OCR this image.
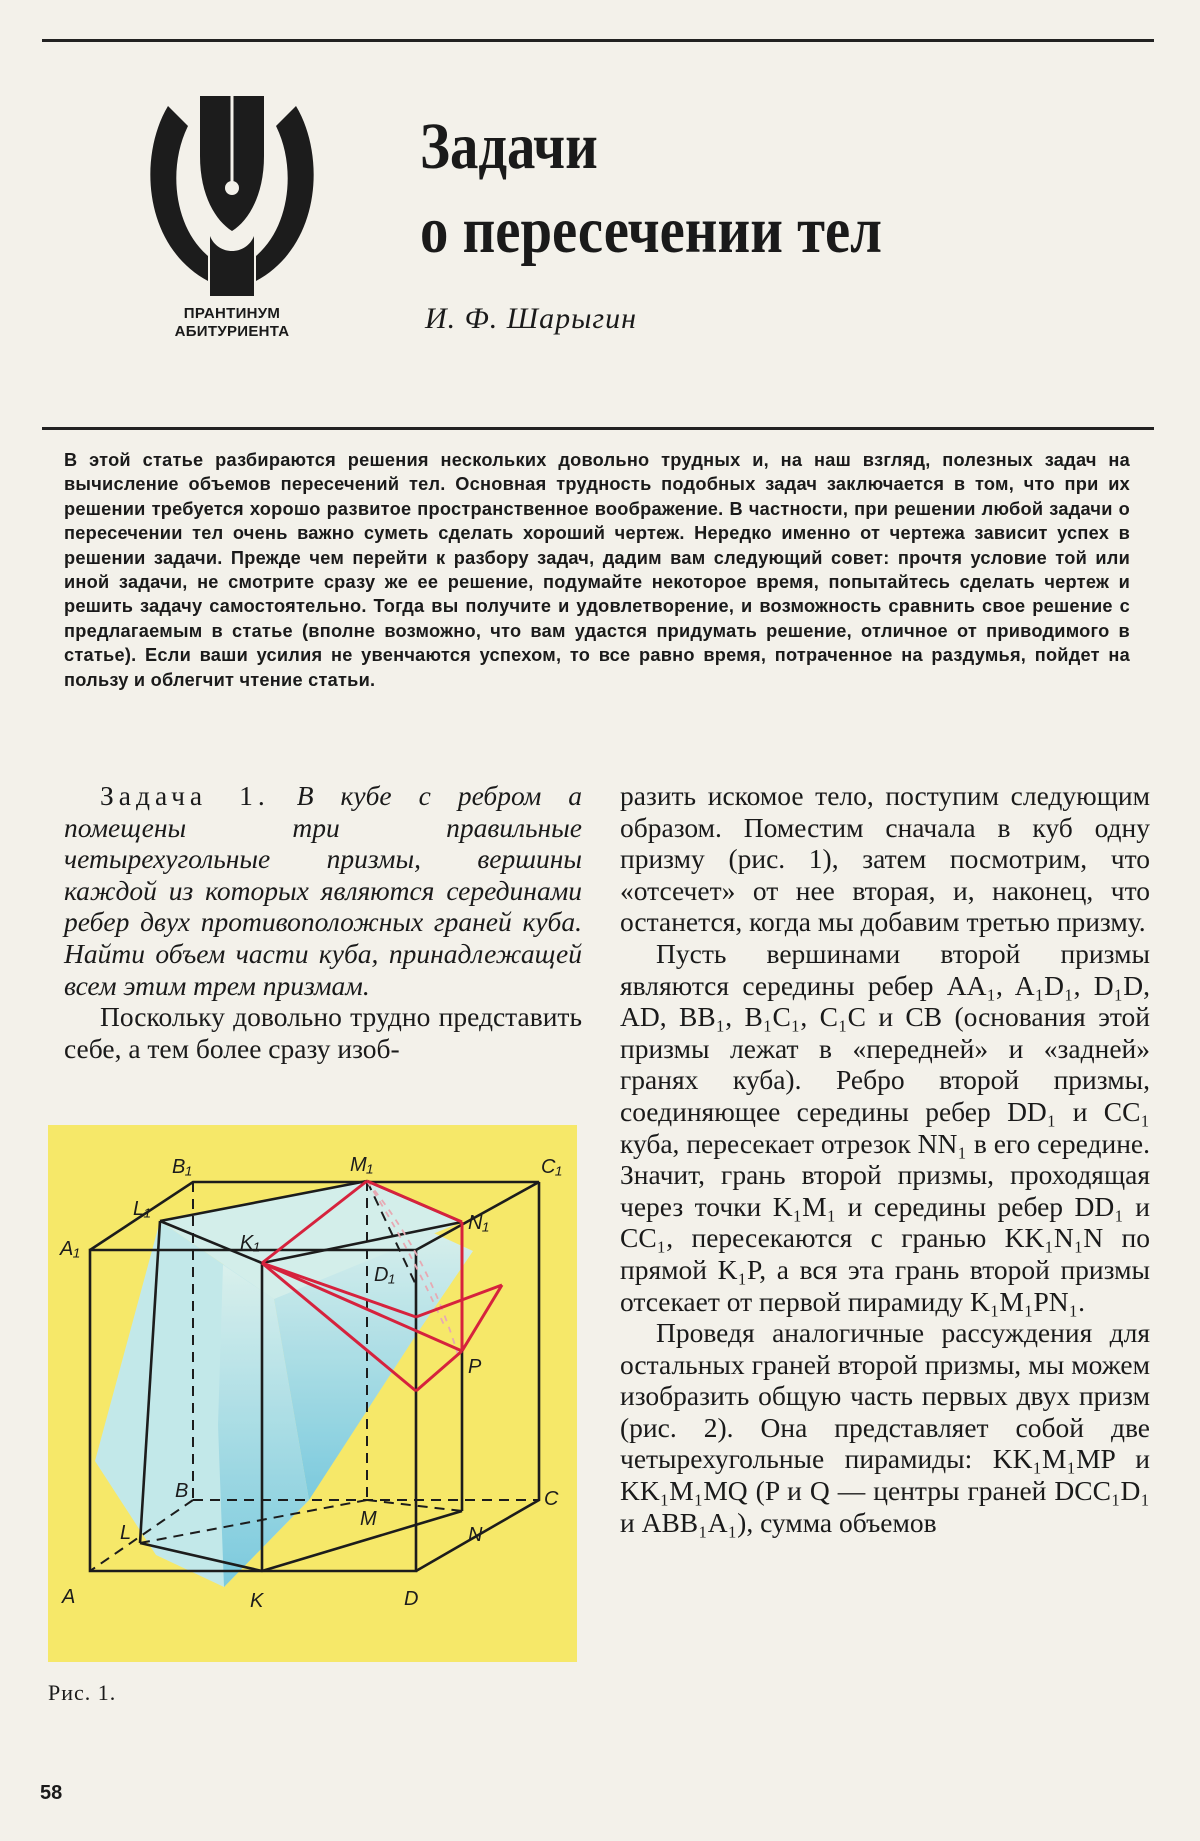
ПРАНТИНУМ
АБИТУРИЕНТА
Задачи
о пересечении тел
И. Ф. Шарыгин
В этой статье разбираются решения нескольких довольно трудных и, на наш взгляд, полезных задач на вычисление объемов пересечений тел. Основная трудность подобных задач заключается в том, что при их решении требуется хорошо развитое пространственное воображение. В частности, при решении любой задачи о пересечении тел очень важно суметь сделать хороший чертеж. Нередко именно от чертежа зависит успех в решении задачи. Прежде чем перейти к разбору задач, дадим вам следующий совет: прочтя условие той или иной задачи, не смотрите сразу же ее решение, подумайте некоторое время, попытайтесь сделать чертеж и решить задачу самостоятельно. Тогда вы получите и удовлетворение, и возможность сравнить свое решение с предлагаемым в статье (вполне возможно, что вам удастся придумать решение, отличное от приводимого в статье). Если ваши усилия не увенчаются успехом, то все равно время, потраченное на раздумья, пойдет на пользу и облегчит чтение статьи.

Задача 1. В кубе с ребром a помещены три правильные четырехугольные призмы, вершины каждой из которых являются серединами ребер двух противоположных граней куба. Найти объем части куба, принадлежащей всем этим трем призмам.

Поскольку довольно трудно представить себе, а тем более сразу изоб-

разить искомое тело, поступим следующим образом. Поместим сначала в куб одну призму (рис. 1), затем посмотрим, что «отсечет» от нее вторая, и, наконец, что останется, когда мы добавим третью призму.

Пусть вершинами второй призмы являются середины ребер AA₁, A₁D₁, D₁D, AD, BB₁, B₁C₁, C₁C и CB (основания этой призмы лежат в «передней» и «задней» гранях куба). Ребро второй призмы, соединяющее середины ребер DD₁ и CC₁ куба, пересекает отрезок NN₁ в его середине. Значит, грань второй призмы, проходящая через точки K₁M₁ и середины ребер DD₁ и CC₁, пересекаются с гранью KK₁N₁N по прямой K₁P, а вся эта грань второй призмы отсекает от первой пирамиду K₁M₁PN₁.

Проведя аналогичные рассуждения для остальных граней второй призмы, мы можем изобразить общую часть первых двух призм (рис. 2). Она представляет собой две четырехугольные пирамиды: KK₁M₁MP и KK₁M₁MQ (P и Q — центры граней DCC₁D₁ и ABB₁A₁), сумма объемов

B₁	M₁	C₁
L₁
K₁
N₁
A₁
D₁
P
B
M
C
L	N
A	K	D
Рис. 1.
58
